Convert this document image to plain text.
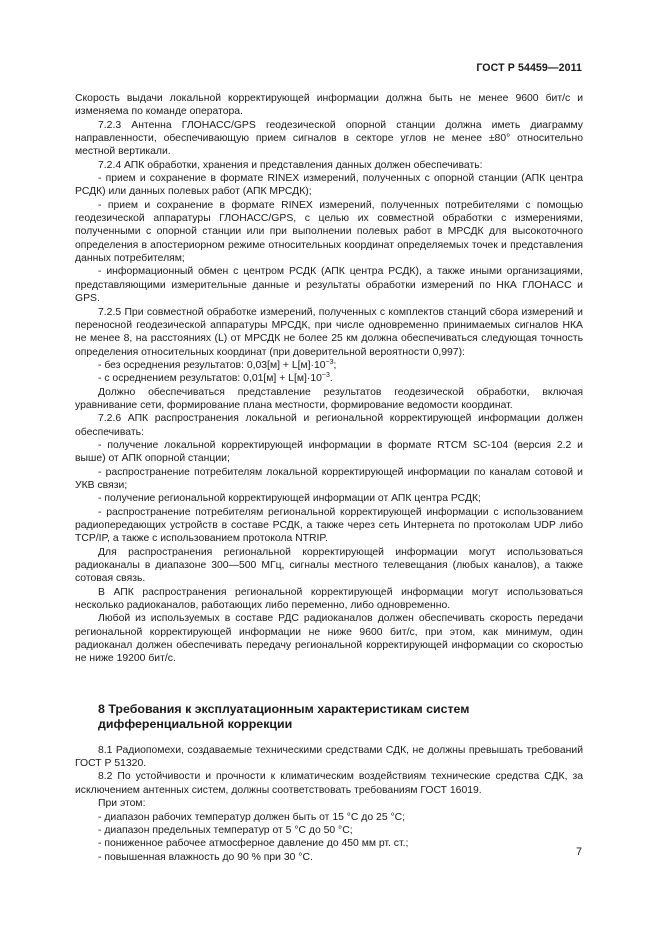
ГОСТ Р 54459—2011

Скорость выдачи локальной корректирующей информации должна быть не менее 9600 бит/с и изменяема по команде оператора.

7.2.3 Антенна ГЛОНАСС/GPS геодезической опорной станции должна иметь диаграмму направленности, обеспечивающую прием сигналов в секторе углов не менее ±80° относительно местной вертикали.

7.2.4 АПК обработки, хранения и представления данных должен обеспечивать:

- прием и сохранение в формате RINEX измерений, полученных с опорной станции (АПК центра РСДК) или данных полевых работ (АПК МРСДК);

- прием и сохранение в формате RINEX измерений, полученных потребителями с помощью геодезической аппаратуры ГЛОНАСС/GPS, с целью их совместной обработки с измерениями, полученными с опорной станции или при выполнении полевых работ в МРСДК для высокоточного определения в апостериорном режиме относительных координат определяемых точек и представления данных потребителям;

- информационный обмен с центром РСДК (АПК центра РСДК), а также иными организациями, представляющими измерительные данные и результаты обработки измерений по НКА ГЛОНАСС и GPS.

7.2.5 При совместной обработке измерений, полученных с комплектов станций сбора измерений и переносной геодезической аппаратуры МРСДК, при числе одновременно принимаемых сигналов НКА не менее 8, на расстояниях (L) от МРСДК не более 25 км должна обеспечиваться следующая точность определения относительных координат (при доверительной вероятности 0,997):

- без осреднения результатов: $0,03[м] + L[м]\cdot 10^{-3}$;

- с осреднением результатов: $0,01[м] + L[м]\cdot 10^{-3}$.

Должно обеспечиваться представление результатов геодезической обработки, включая уравнивание сети, формирование плана местности, формирование ведомости координат.

7.2.6 АПК распространения локальной и региональной корректирующей информации должен обеспечивать:

- получение локальной корректирующей информации в формате RTCM SC-104 (версия 2.2 и выше) от АПК опорной станции;

- распространение потребителям локальной корректирующей информации по каналам сотовой и УКВ связи;

- получение региональной корректирующей информации от АПК центра РСДК;

- распространение потребителям региональной корректирующей информации с использованием радиопередающих устройств в составе РСДК, а также через сеть Интернета по протоколам UDP либо TCP/IP, а также с использованием протокола NTRIP.

Для распространения региональной корректирующей информации могут использоваться радиоканалы в диапазоне 300—500 МГц, сигналы местного телевещания (любых каналов), а также сотовая связь.

В АПК распространения региональной корректирующей информации могут использоваться несколько радиоканалов, работающих либо переменно, либо одновременно.

Любой из используемых в составе РДС радиоканалов должен обеспечивать скорость передачи региональной корректирующей информации не ниже 9600 бит/с, при этом, как минимум, один радиоканал должен обеспечивать передачу региональной корректирующей информации со скоростью не ниже 19200 бит/с.

8 Требования к эксплуатационным характеристикам систем
дифференциальной коррекции

8.1 Радиопомехи, создаваемые техническими средствами СДК, не должны превышать требований ГОСТ Р 51320.

8.2 По устойчивости и прочности к климатическим воздействиям технические средства СДК, за исключением антенных систем, должны соответствовать требованиям ГОСТ 16019.

При этом:

- диапазон рабочих температур должен быть от 15 °С до 25 °С;

- диапазон предельных температур от 5 °С до 50 °С;

- пониженное рабочее атмосферное давление до 450 мм рт. ст.;

- повышенная влажность до 90 % при 30 °С.	7
